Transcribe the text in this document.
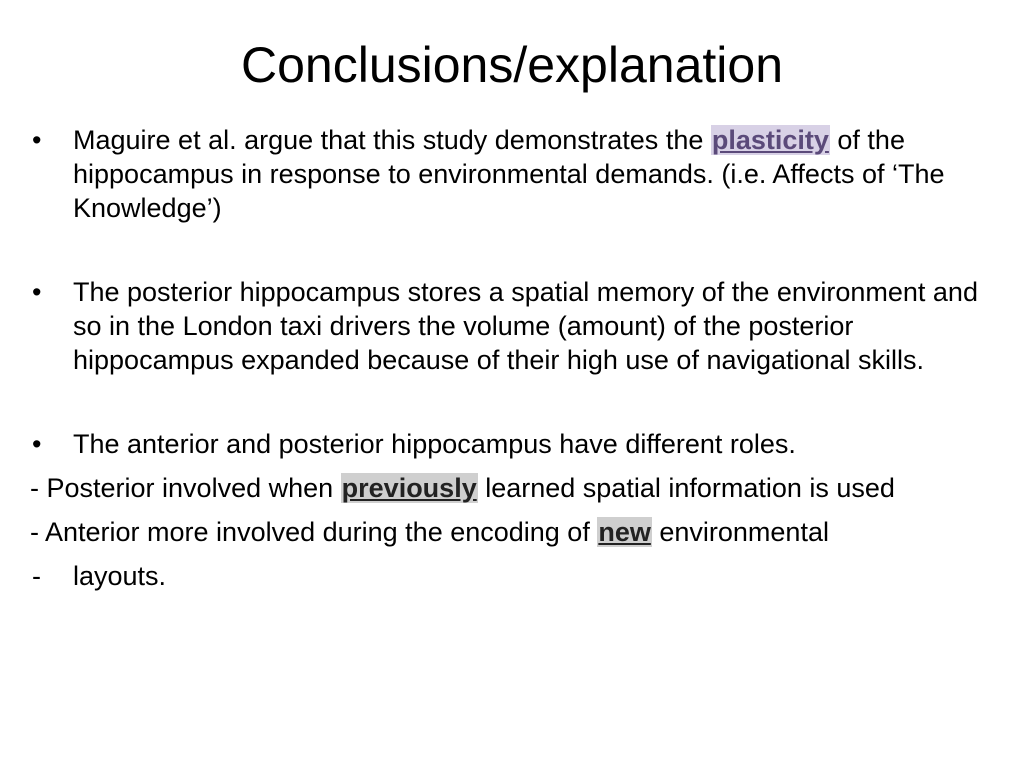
Conclusions/explanation

• Maguire et al. argue that this study demonstrates the plasticity of the hippocampus in response to environmental demands. (i.e. Affects of ‘The Knowledge’)

• The posterior hippocampus stores a spatial memory of the environment and so in the London taxi drivers the volume (amount) of the posterior hippocampus expanded because of their high use of navigational skills.

• The anterior and posterior hippocampus have different roles.

- Posterior involved when previously learned spatial information is used

- Anterior more involved during the encoding of new environmental

- layouts.
